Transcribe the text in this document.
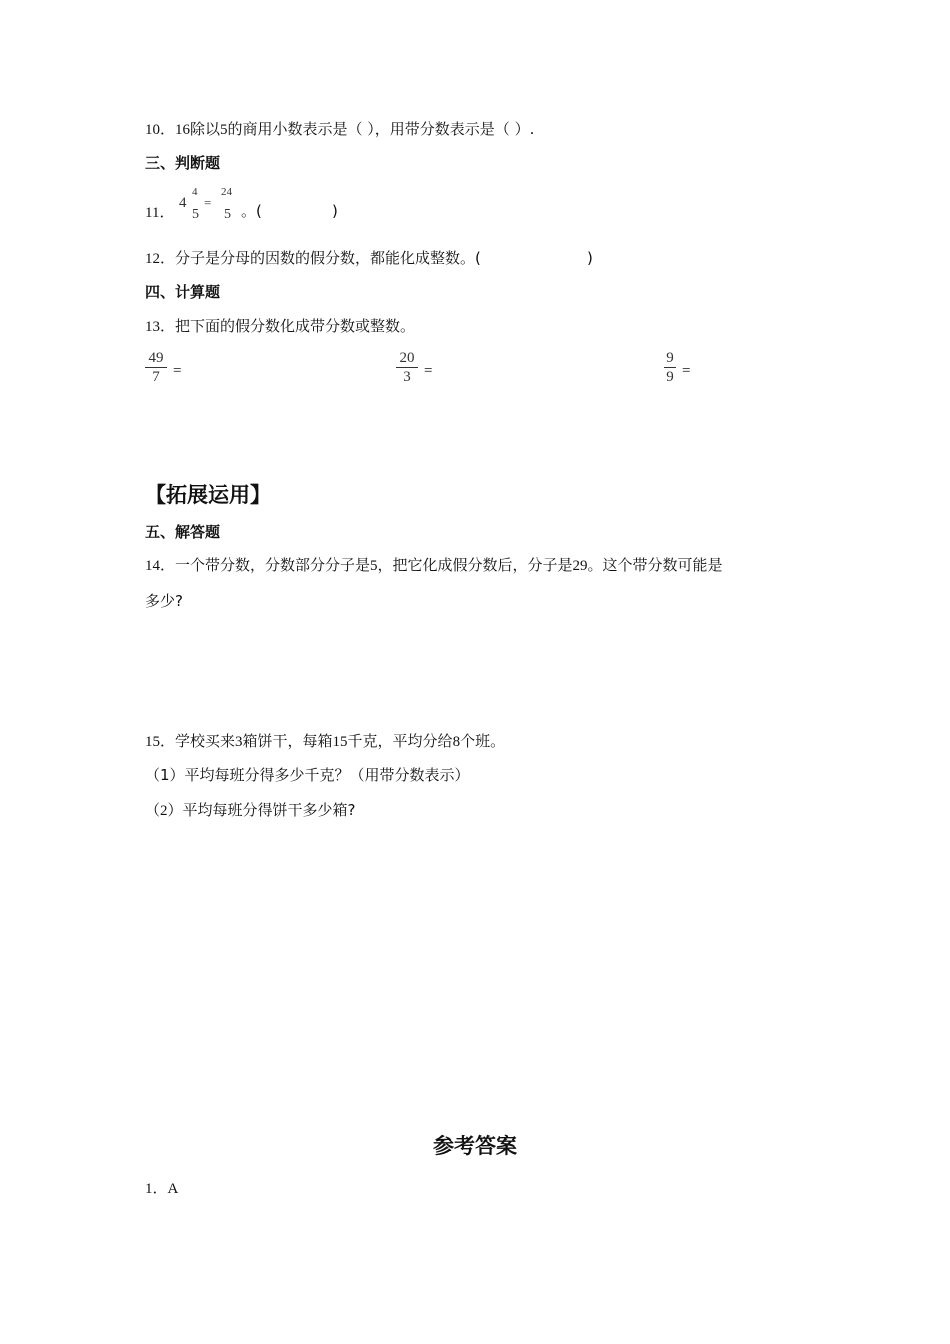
10．16除以5的商用小数表示是（ ），用带分数表示是（ ）.
三、判断题
11．
4
4
5
=
24
5 。(	)
12．分子是分母的因数的假分数，都能化成整数。(	)
四、计算题
13．把下面的假分数化成带分数或整数。
49
7 =
20
3 =
9
9 =
【拓展运用】
五、解答题
14．一个带分数，分数部分分子是5，把它化成假分数后，分子是29。这个带分数可能是
多少?
15．学校买来3箱饼干，每箱15千克，平均分给8个班。
（1）平均每班分得多少千克？（用带分数表示）
（2）平均每班分得饼干多少箱?
参考答案
1．A
